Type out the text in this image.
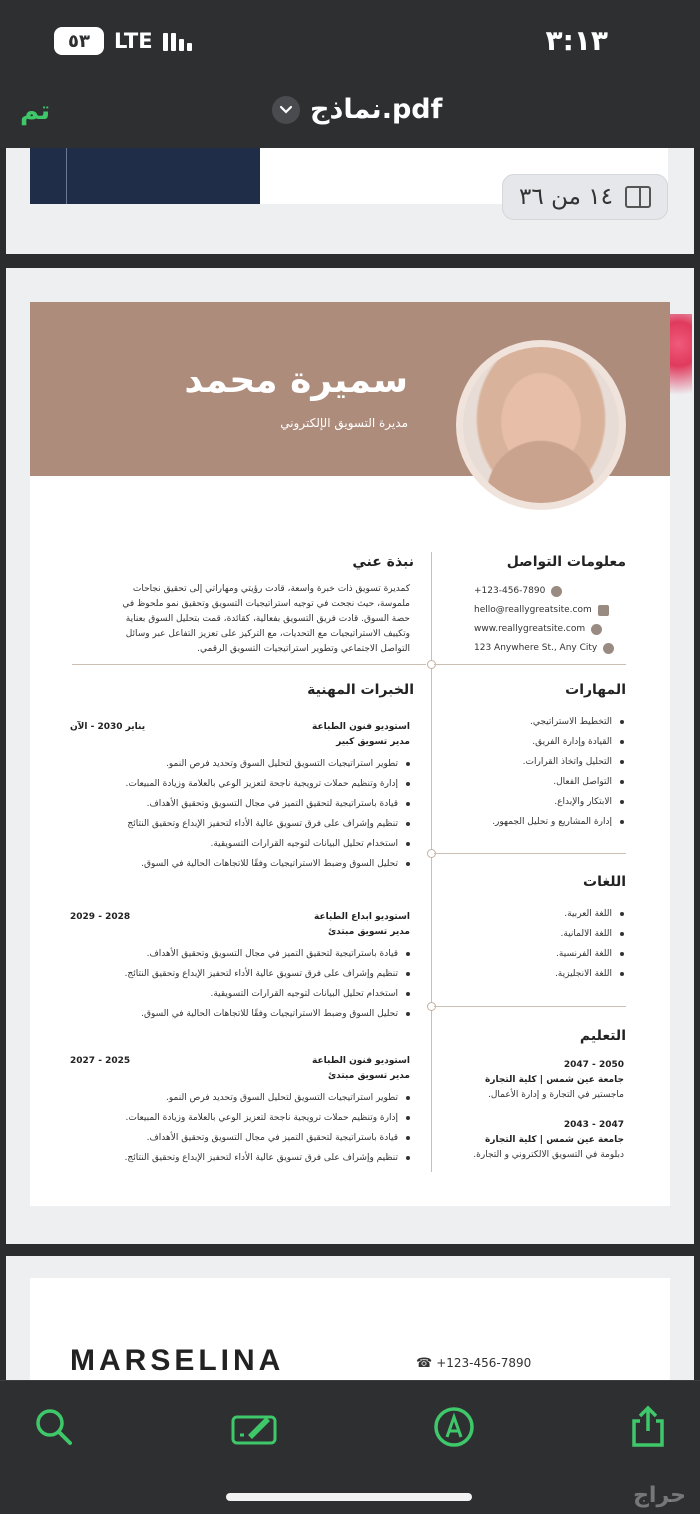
٥٣	LTE	٣:١٣
تم	نماذج.pdf
١٤ من ٣٦
سميرة محمد
مديرة التسويق الإلكتروني
معلومات التواصل
+123-456-7890
hello@reallygreatsite.com
www.reallygreatsite.com
123 Anywhere St., Any City
نبذة عني
كمديرة تسويق ذات خبرة واسعة، قادت رؤيتي ومهاراتي إلى تحقيق نجاحات
ملموسة، حيث نجحت في توجيه استراتيجيات التسويق وتحقيق نمو ملحوظ في
حصة السوق. قادت فريق التسويق بفعالية، كقائدة، قمت بتحليل السوق بعناية
وتكييف الاستراتيجيات مع التحديات، مع التركيز على تعزيز التفاعل عبر وسائل
التواصل الاجتماعي وتطوير استراتيجيات التسويق الرقمي.
المهارات
التخطيط الاستراتيجي.
القيادة وإدارة الفريق.
التحليل واتخاذ القرارات.
التواصل الفعال.
الابتكار والإبداع.
إدارة المشاريع و تحليل الجمهور.
اللغات
اللغة العربية.
اللغة الالمانية.
اللغة الفرنسية.
اللغة الانجليزية.
التعليم
2050 - 2047
جامعة عين شمس | كلية التجارة
ماجستير في التجارة و إدارة الأعمال.
2047 - 2043
جامعة عين شمس | كلية التجارة
دبلومة في التسويق الالكتروني و التجارة.
الخبرات المهنية
استوديو فنون الطباعة
يناير 2030 - الآن
مدير تسويق كبير
تطوير استراتيجيات التسويق لتحليل السوق وتحديد فرص النمو.
إدارة وتنظيم حملات ترويجية ناجحة لتعزيز الوعي بالعلامة وزيادة المبيعات.
قيادة باستراتيجية لتحقيق التميز في مجال التسويق وتحقيق الأهداف.
تنظيم وإشراف على فرق تسويق عالية الأداء لتحفيز الإبداع وتحقيق النتائج
استخدام تحليل البيانات لتوجيه القرارات التسويقية.
تحليل السوق وضبط الاستراتيجيات وفقًا للاتجاهات الحالية في السوق.
استوديو ابداع الطباعة
2028 - 2029
مدير تسويق مبتدئ
قيادة باستراتيجية لتحقيق التميز في مجال التسويق وتحقيق الأهداف.
تنظيم وإشراف على فرق تسويق عالية الأداء لتحفيز الإبداع وتحقيق النتائج.
استخدام تحليل البيانات لتوجيه القرارات التسويقية.
تحليل السوق وضبط الاستراتيجيات وفقًا للاتجاهات الحالية في السوق.
استوديو فنون الطباعة
2025 - 2027
مدير تسويق مبتدئ
تطوير استراتيجيات التسويق لتحليل السوق وتحديد فرص النمو.
إدارة وتنظيم حملات ترويجية ناجحة لتعزيز الوعي بالعلامة وزيادة المبيعات.
قيادة باستراتيجية لتحقيق التميز في مجال التسويق وتحقيق الأهداف.
تنظيم وإشراف على فرق تسويق عالية الأداء لتحفيز الإبداع وتحقيق النتائج.
MARSELINA	☎ +123-456-7890
حراج
